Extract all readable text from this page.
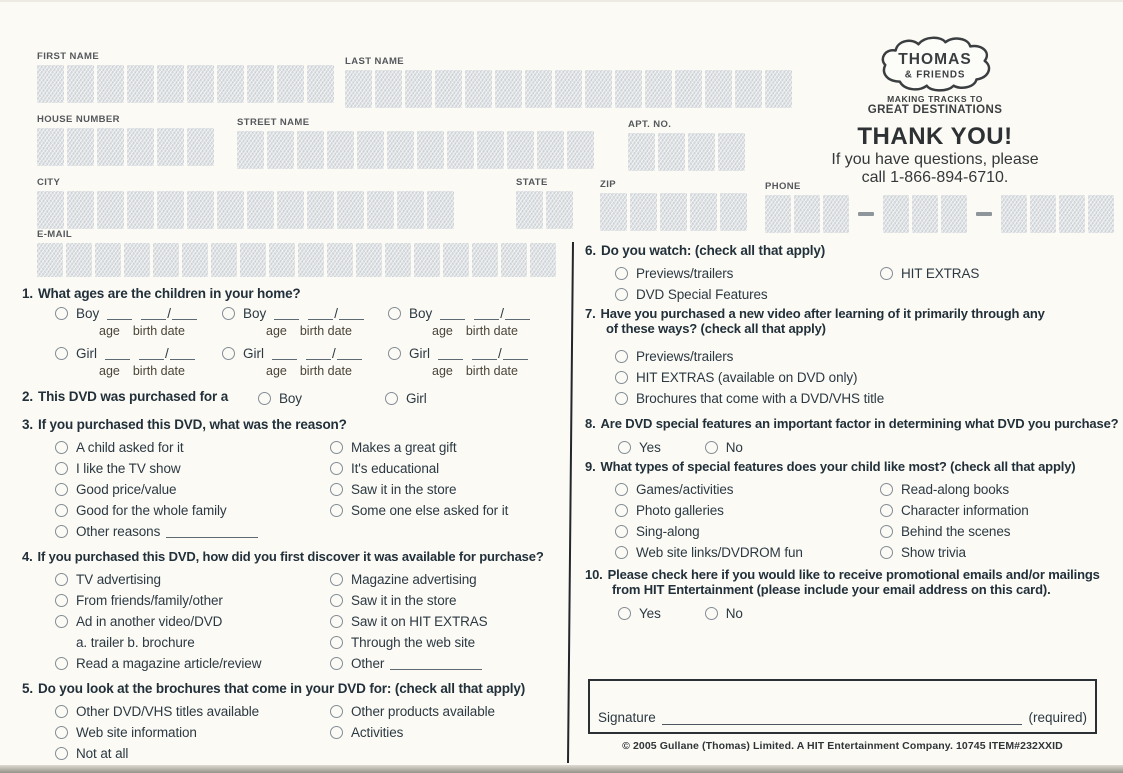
FIRST NAME	LAST NAME
HOUSE NUMBER	STREET NAME	APT. NO.
CITY	STATE	ZIP	PHONE
E-MAIL
THOMAS
& FRIENDS
MAKING TRACKS TO
GREAT DESTINATIONS
THANK YOU!
If you have questions, please
call 1-866-894-6710.
1. What ages are the children in your home?
Boy	/
age birth date
Boy	/
age birth date
Boy	/
age birth date
Girl	/
age birth date
Girl	/
age birth date
Girl	/
age birth date
2. This DVD was purchased for a	Boy	Girl
3. If you purchased this DVD, what was the reason?
A child asked for it
I like the TV show
Good price/value
Good for the whole family
Other reasons
Makes a great gift
It's educational
Saw it in the store
Some one else asked for it
4. If you purchased this DVD, how did you first discover it was available for purchase?
TV advertising
From friends/family/other
Ad in another video/DVD
a. trailer b. brochure
Read a magazine article/review
Magazine advertising
Saw it in the store
Saw it on HIT EXTRAS
Through the web site
Other
5. Do you look at the brochures that come in your DVD for: (check all that apply)
Other DVD/VHS titles available
Web site information
Not at all
Other products available
Activities
6. Do you watch: (check all that apply)
Previews/trailers
DVD Special Features
HIT EXTRAS
7. Have you purchased a new video after learning of it primarily through any
of these ways? (check all that apply)
Previews/trailers
HIT EXTRAS (available on DVD only)
Brochures that come with a DVD/VHS title
8. Are DVD special features an important factor in determining what DVD you purchase?
Yes	No
9. What types of special features does your child like most? (check all that apply)
Games/activities
Photo galleries
Sing-along
Web site links/DVDROM fun
Read-along books
Character information
Behind the scenes
Show trivia
10. Please check here if you would like to receive promotional emails and/or mailings
from HIT Entertainment (please include your email address on this card).
Yes	No
Signature	(required)
© 2005 Gullane (Thomas) Limited. A HIT Entertainment Company. 10745 ITEM#232XXID
